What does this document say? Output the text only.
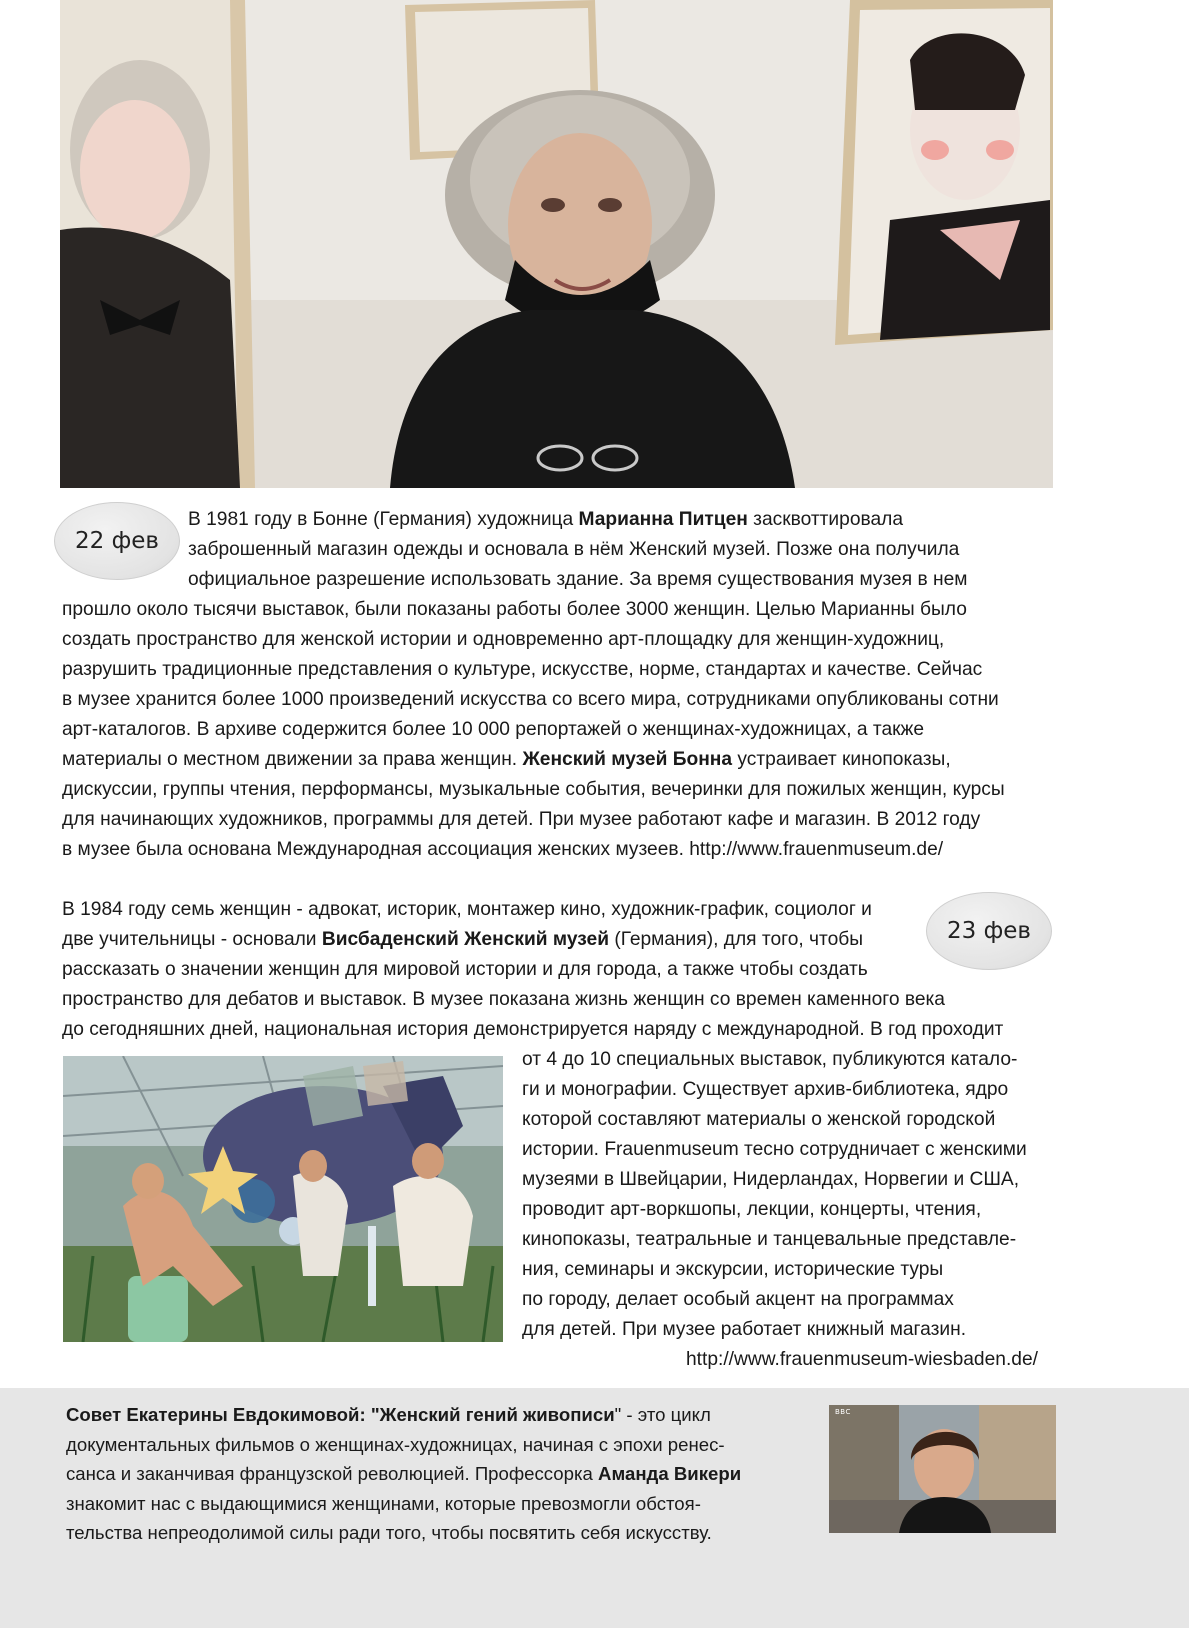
22 фев
В 1981 году в Бонне (Германия) художница Марианна Питцен засквоттировала
заброшенный магазин одежды и основала в нём Женский музей. Позже она получила
официальное разрешение использовать здание. За время существования музея в нем
прошло около тысячи выставок, были показаны работы более 3000 женщин. Целью Марианны было
создать пространство для женской истории и одновременно арт-площадку для женщин-художниц,
разрушить традиционные представления о культуре, искусстве, норме, стандартах и качестве. Сейчас
в музее хранится более 1000 произведений искусства со всего мира, сотрудниками опубликованы сотни
арт-каталогов. В архиве содержится более 10 000 репортажей о женщинах-художницах, а также
материалы о местном движении за права женщин. Женский музей Бонна устраивает кинопоказы,
дискуссии, группы чтения, перформансы, музыкальные события, вечеринки для пожилых женщин, курсы
для начинающих художников, программы для детей. При музее работают кафе и магазин. В 2012 году
в музее была основана Международная ассоциация женских музеев. http://www.frauenmuseum.de/
23 фев
В 1984 году семь женщин - адвокат, историк, монтажер кино, художник-график, социолог и
две учительницы - основали Висбаденский Женский музей (Германия), для того, чтобы
рассказать о значении женщин для мировой истории и для города, а также чтобы создать
пространство для дебатов и выставок. В музее показана жизнь женщин со времен каменного века
до сегодняшних дней, национальная история демонстрируется наряду с международной. В год проходит
от 4 до 10 специальных выставок, публикуются катало-
ги и монографии. Существует архив-библиотека, ядро
которой составляют материалы о женской городской
истории. Frauenmuseum тесно сотрудничает с женскими
музеями в Швейцарии, Нидерландах, Норвегии и США,
проводит арт-воркшопы, лекции, концерты, чтения,
кинопоказы, театральные и танцевальные представле-
ния, семинары и экскурсии, исторические туры
по городу, делает особый акцент на программах
для детей. При музее работает книжный магазин.
http://www.frauenmuseum-wiesbaden.de/
Совет Екатерины Евдокимовой: "Женский гений живописи" - это цикл
документальных фильмов о женщинах-художницах, начиная с эпохи ренес-
санса и заканчивая французской революцией. Профессорка Аманда Викери
знакомит нас с выдающимися женщинами, которые превозмогли обстоя-
тельства непреодолимой силы ради того, чтобы посвятить себя искусству.
BBC
